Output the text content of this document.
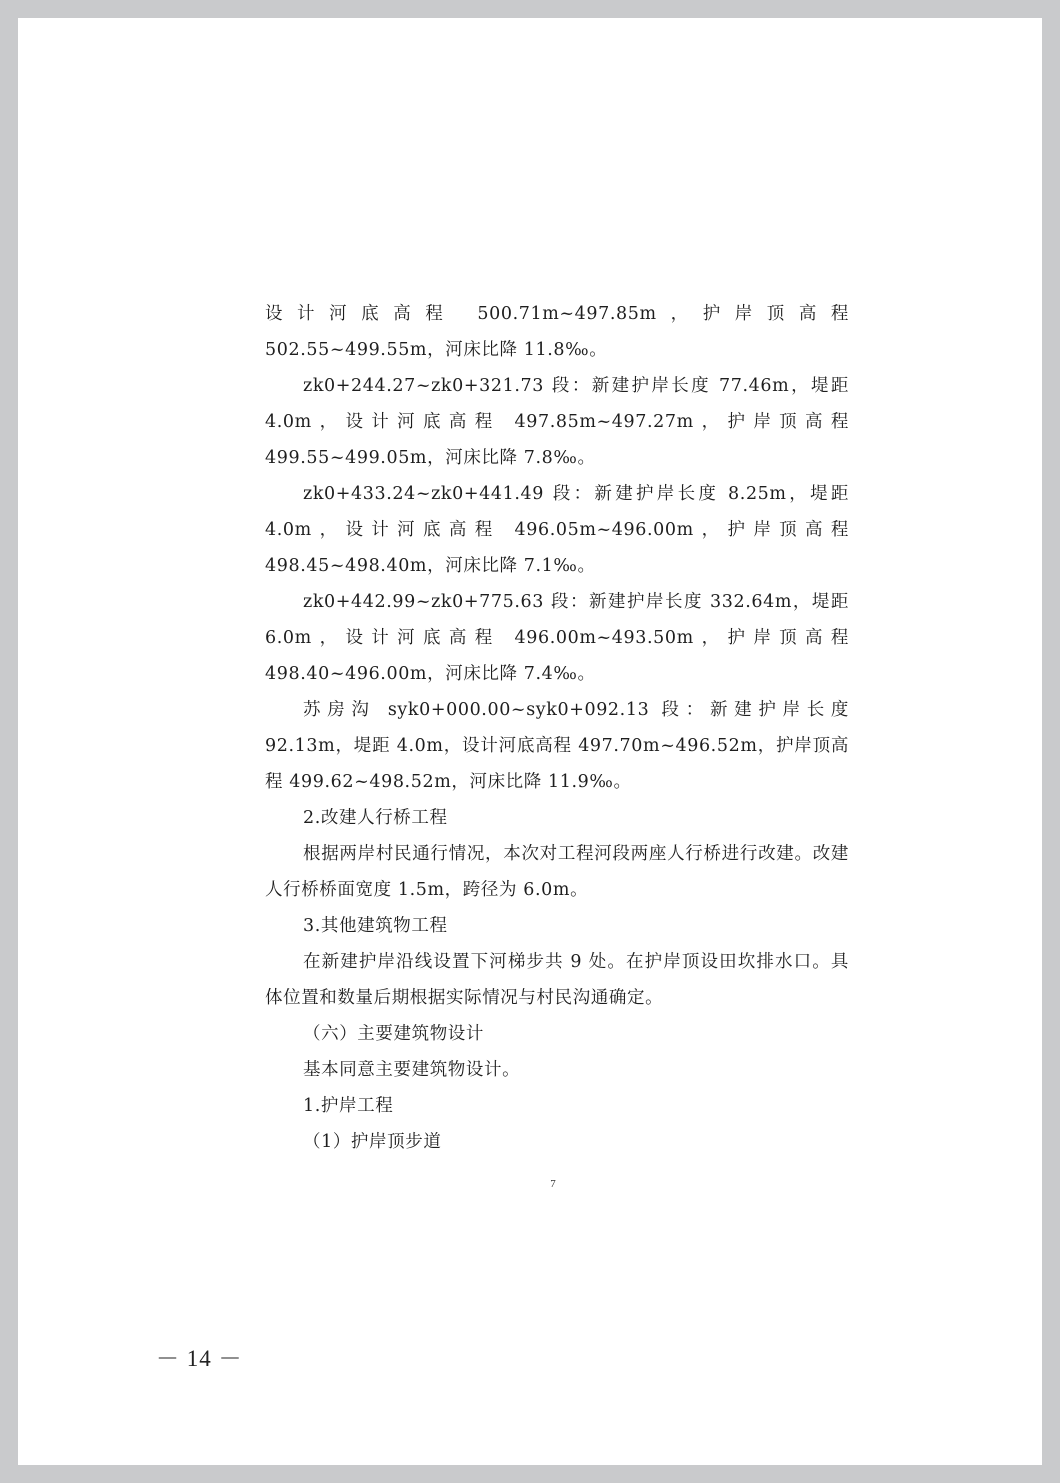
设计河底高程 500.71m~497.85m，护岸顶高程 502.55~499.55m，河床比降 11.8‰。

zk0+244.27~zk0+321.73 段：新建护岸长度 77.46m，堤距 4.0m，设计河底高程 497.85m~497.27m，护岸顶高程 499.55~499.05m，河床比降 7.8‰。

zk0+433.24~zk0+441.49 段：新建护岸长度 8.25m，堤距 4.0m，设计河底高程 496.05m~496.00m，护岸顶高程 498.45~498.40m，河床比降 7.1‰。

zk0+442.99~zk0+775.63 段：新建护岸长度 332.64m，堤距 6.0m，设计河底高程 496.00m~493.50m，护岸顶高程 498.40~496.00m，河床比降 7.4‰。

苏房沟 syk0+000.00~syk0+092.13 段：新建护岸长度 92.13m，堤距 4.0m，设计河底高程 497.70m~496.52m，护岸顶高程 499.62~498.52m，河床比降 11.9‰。

2.改建人行桥工程

根据两岸村民通行情况，本次对工程河段两座人行桥进行改建。改建人行桥桥面宽度 1.5m，跨径为 6.0m。

3.其他建筑物工程

在新建护岸沿线设置下河梯步共 9 处。在护岸顶设田坎排水口。具体位置和数量后期根据实际情况与村民沟通确定。

（六）主要建筑物设计

基本同意主要建筑物设计。

1.护岸工程

（1）护岸顶步道

7
－ 14 －
